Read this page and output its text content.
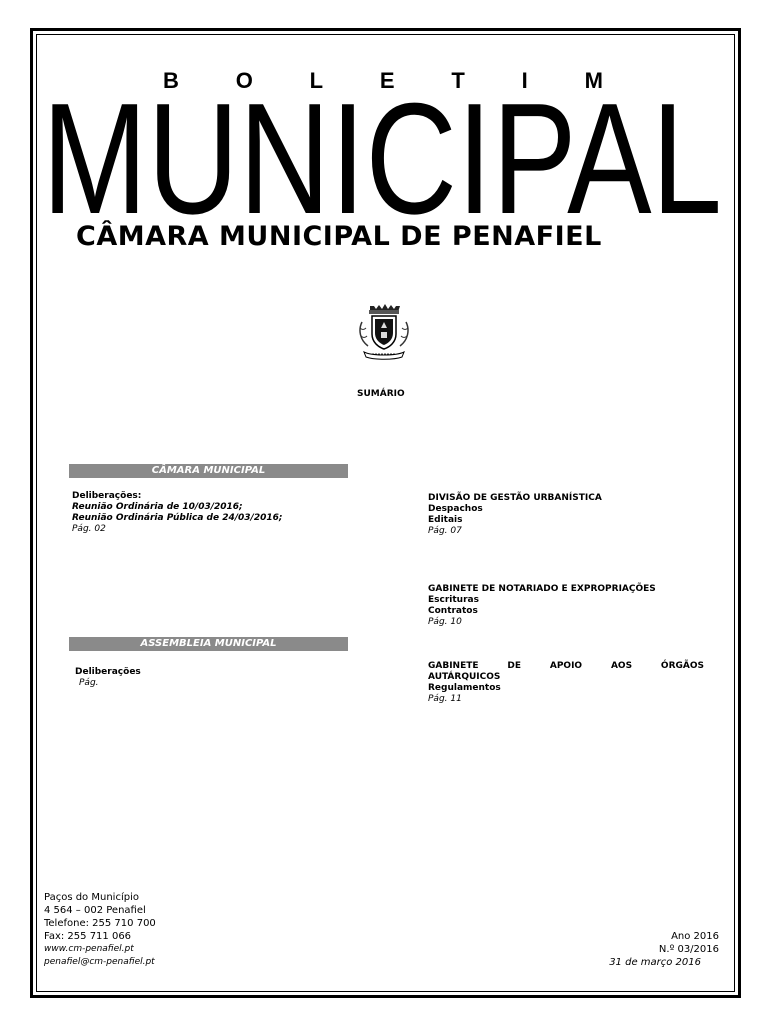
B	O	L	E	T	I	M
MUNICIPAL
CÂMARA MUNICIPAL DE PENAFIEL
SUMÁRIO
CÂMARA MUNICIPAL
Deliberações:
Reunião Ordinária de 10/03/2016;
Reunião Ordinária Pública de 24/03/2016;
Pág. 02
ASSEMBLEIA MUNICIPAL
Deliberações
Pág.
DIVISÃO DE GESTÃO URBANÍSTICA
Despachos
Editais
Pág. 07
GABINETE DE NOTARIADO E EXPROPRIAÇÕES
Escrituras
Contratos
Pág. 10
GABINETE	DE	APOIO	AOS	ÓRGÃOS
AUTÁRQUICOS
Regulamentos
Pág. 11
Paços do Município
4 564 – 002 Penafiel
Telefone: 255 710 700
Fax: 255 711 066
www.cm-penafiel.pt
penafiel@cm-penafiel.pt
Ano 2016
N.º 03/2016
31 de março 2016
